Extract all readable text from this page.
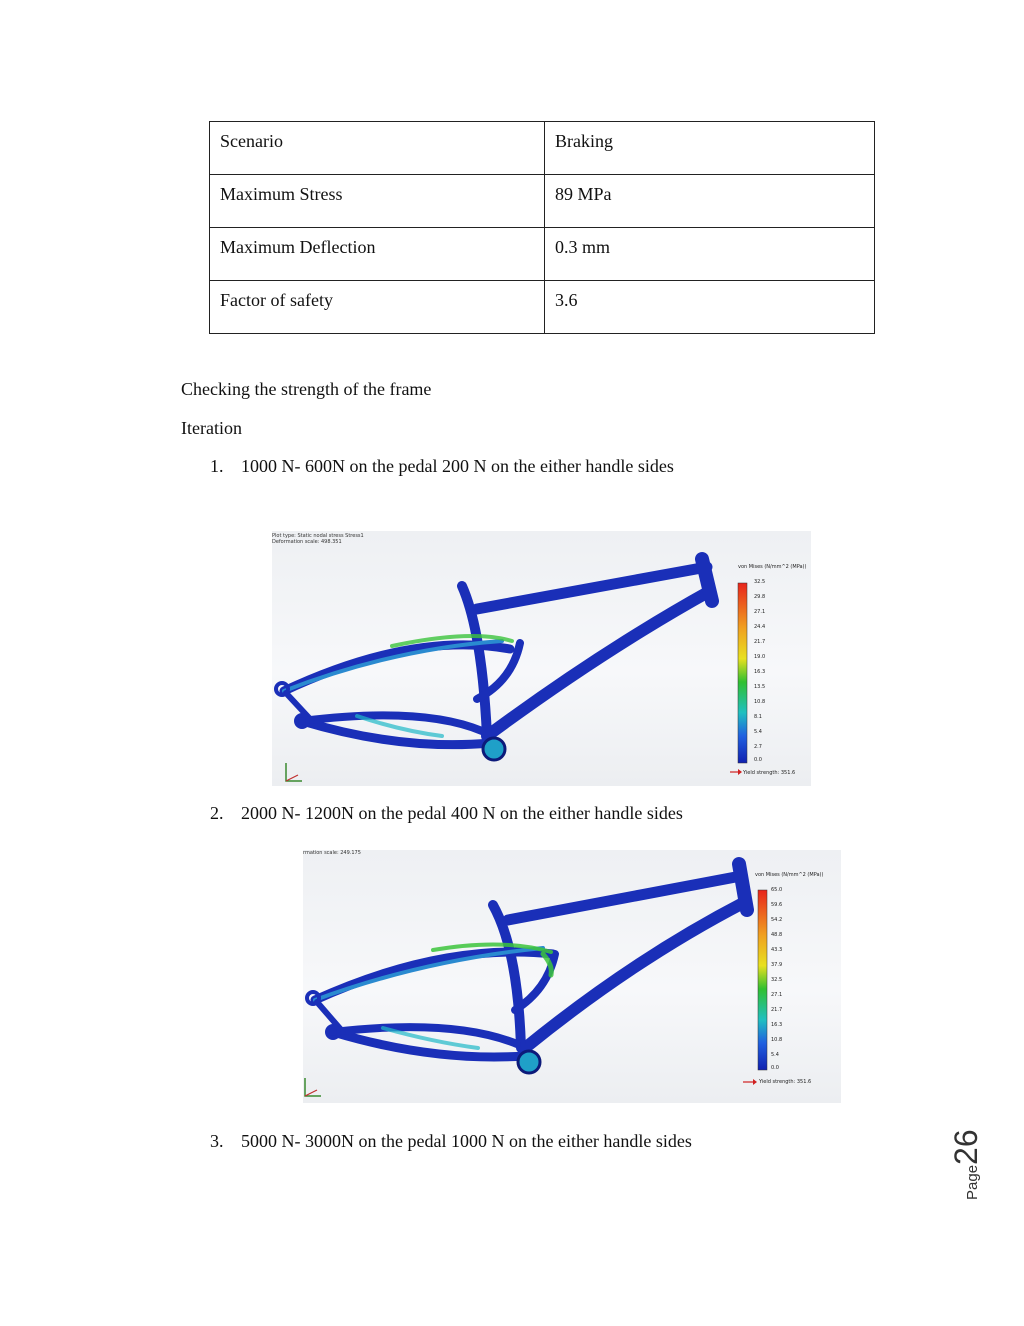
Scenario	Braking
Maximum Stress	89 MPa
Maximum Deflection	0.3 mm
Factor of safety	3.6
Checking the strength of the frame
Iteration
1. 1000 N- 600N on the pedal 200 N on the either handle sides
Plot type: Static nodal stress Stress1
Deformation scale: 498.351
von Mises (N/mm^2 (MPa))
32.5
29.8
27.1
24.4
21.7
19.0
16.3
13.5
10.8
8.1
5.4
2.7
0.0
Yield strength: 351.6
2. 2000 N- 1200N on the pedal 400 N on the either handle sides
rmation scale: 249.175
von Mises (N/mm^2 (MPa))
65.0
59.6
54.2
48.8
43.3
37.9
32.5
27.1
21.7
16.3
10.8
5.4
0.0
Yield strength: 351.6
3. 5000 N- 3000N on the pedal 1000 N on the either handle sides
Page26
